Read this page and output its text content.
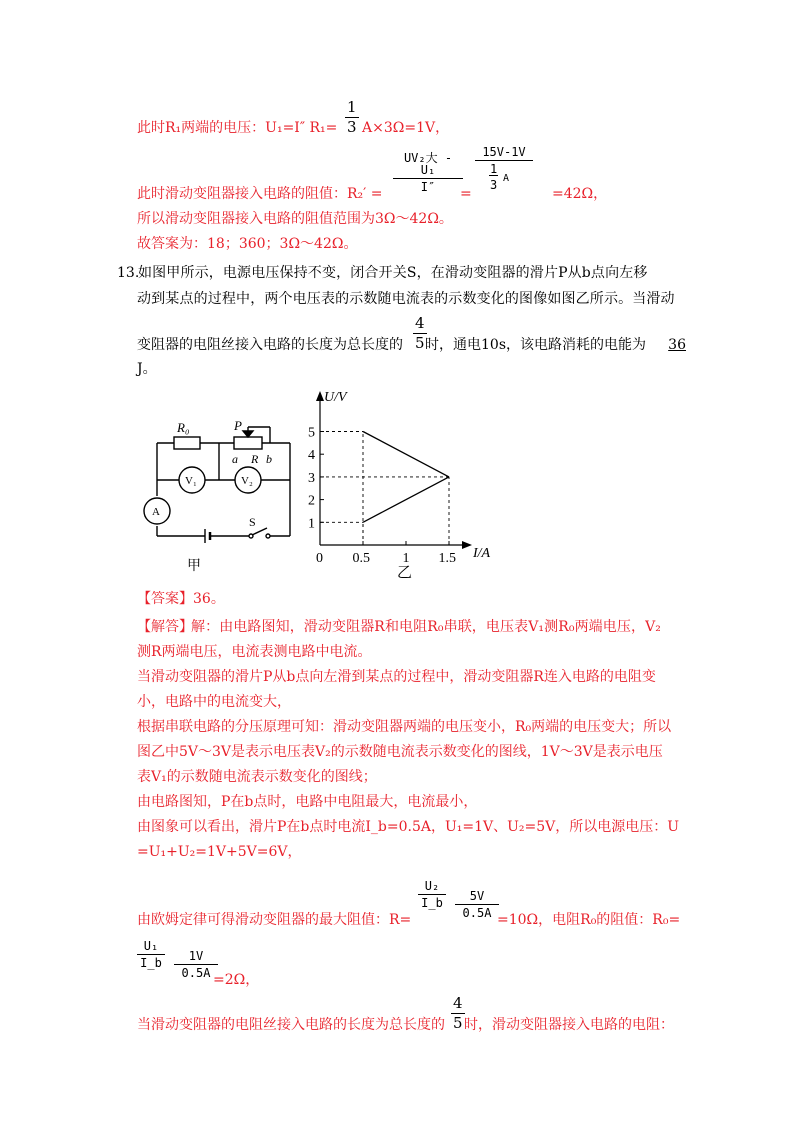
此时R₁两端的电压：U₁=I″ $R_1= \frac{1}{3} A\times 3\Omega=1V$，
此时滑动变阻器接入电路的阻值：R₂′ =
UV₂大 - U₁
I″	= 15V-1V
1
3 A =42Ω，
所以滑动变阻器接入电路的阻值范围为3Ω～42Ω。
故答案为：18；360；3Ω～42Ω。
13.
如图甲所示，电源电压保持不变，闭合开关S，在滑动变阻器的滑片P从b点向左移
动到某点的过程中，两个电压表的示数随电流表的示数变化的图像如图乙所示。当滑动
变阻器的电阻丝接入电路的长度为总长度的 $\frac{4}{5}$
时，通电10s，该电路消耗的电能为	36
J。
R₀	P
a R b
V₁	V₂
A
S
甲
1
2
3
4
5
0 0.5 1 1.5
U/V
I/A
乙
【答案】36。
【解答】
解：由电路图知，滑动变阻器R和电阻R₀串联，电压表V₁测R₀两端电压，V₂
测R两端电压，电流表测电路中电流。
当滑动变阻器的滑片P从b点向左滑到某点的过程中，滑动变阻器R连入电路的电阻变
小，电路中的电流变大，
根据串联电路的分压原理可知：滑动变阻器两端的电压变小，R₀两端的电压变大；所以
图乙中5V～3V是表示电压表V₂的示数随电流表示数变化的图线，1V～3V是表示电压
表V₁的示数随电流表示数变化的图线；
由电路图知，P在b点时，电路中电阻最大，电流最小，
由图象可以看出，滑片P在b点时电流I_b=0.5A，U₁=1V、U₂=5V，所以电源电压：U
=U₁+U₂=1V+5V=6V，
由欧姆定律可得滑动变阻器的最大阻值：R=
$\frac{\text{U₂}}{I\_b} \frac{5V}{0.5A}$
=10Ω，电阻R₀的阻值：R₀=
$\frac{\text{U₁}}{I\_b} \frac{1V}{0.5A}$
=2Ω，
当滑动变阻器的电阻丝接入电路的长度为总长度的 $\frac{4}{5}$ 时，滑动变阻器接入电路的电阻：
